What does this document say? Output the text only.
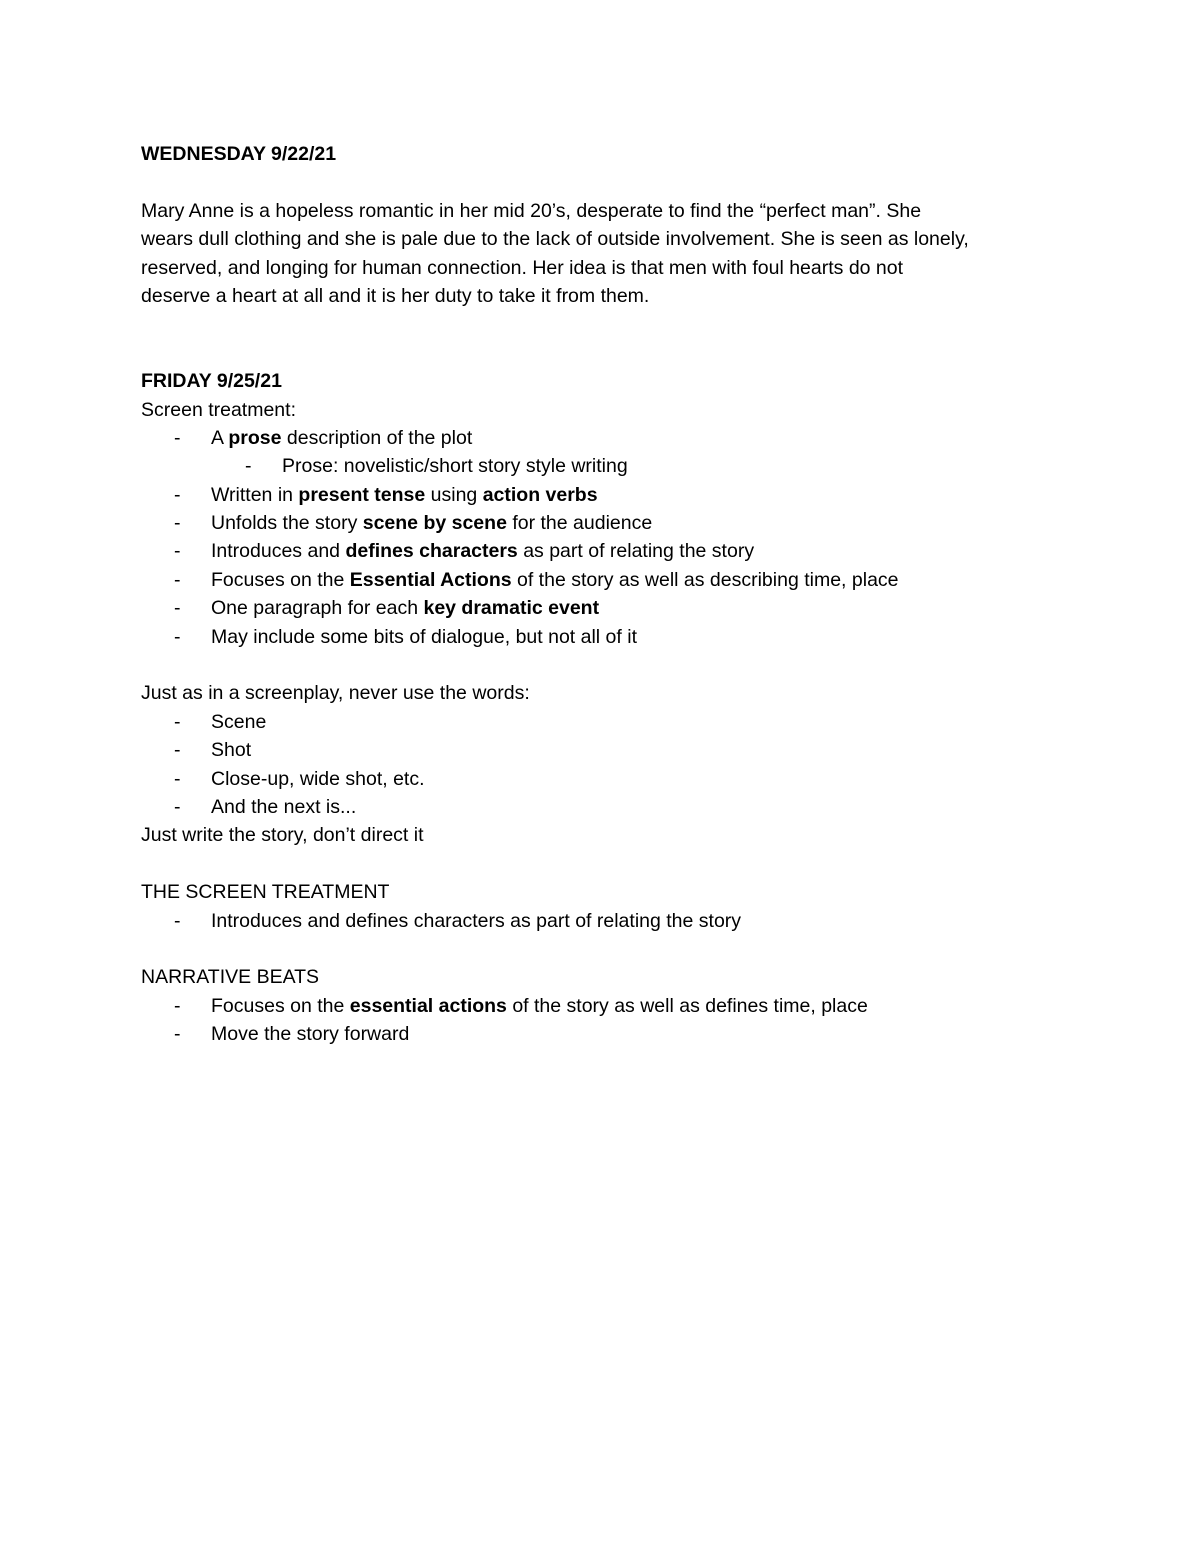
WEDNESDAY 9/22/21
Mary Anne is a hopeless romantic in her mid 20’s, desperate to find the “perfect man”. She
wears dull clothing and she is pale due to the lack of outside involvement. She is seen as lonely,
reserved, and longing for human connection. Her idea is that men with foul hearts do not
deserve a heart at all and it is her duty to take it from them.
FRIDAY 9/25/21
Screen treatment:
- A prose description of the plot
- Prose: novelistic/short story style writing
- Written in present tense using action verbs
- Unfolds the story scene by scene for the audience
- Introduces and defines characters as part of relating the story
- Focuses on the Essential Actions of the story as well as describing time, place
- One paragraph for each key dramatic event
- May include some bits of dialogue, but not all of it
Just as in a screenplay, never use the words:
- Scene
- Shot
- Close-up, wide shot, etc.
- And the next is...
Just write the story, don’t direct it
THE SCREEN TREATMENT
- Introduces and defines characters as part of relating the story
NARRATIVE BEATS
- Focuses on the essential actions of the story as well as defines time, place
- Move the story forward
